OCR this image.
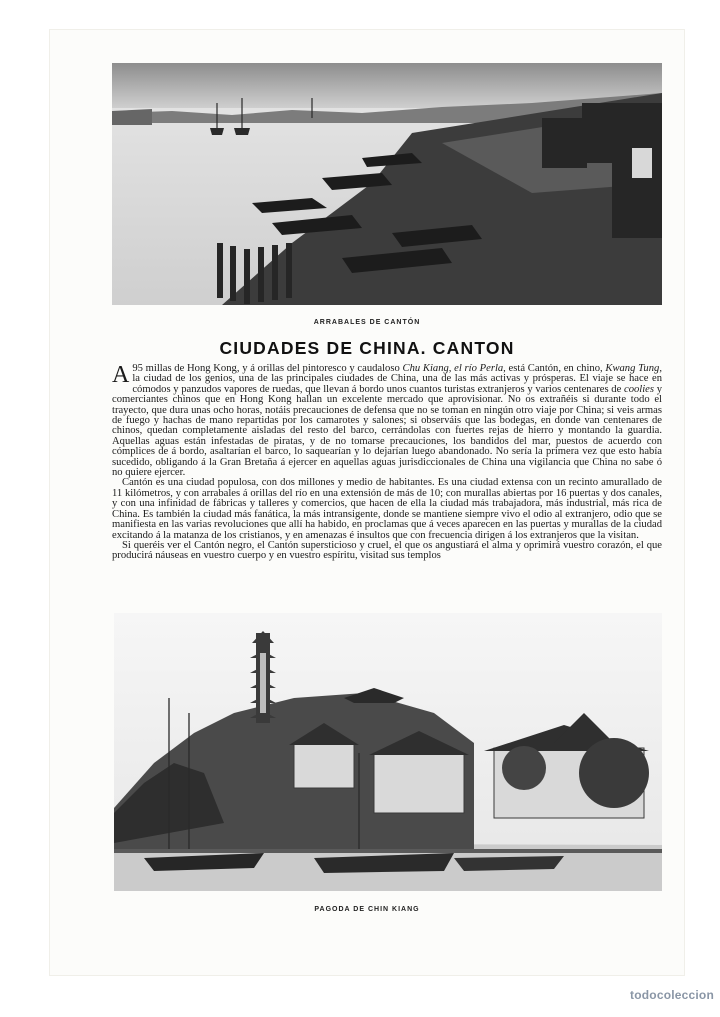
ARRABALES DE CANTÓN
CIUDADES DE CHINA. CANTON

A 95 millas de Hong Kong, y á orillas del pintoresco y caudaloso Chu Kiang, el río Perla, está Cantón, en chino, Kwang Tung, la ciudad de los genios, una de las principales ciudades de China, una de las más activas y prósperas. El viaje se hace en cómodos y panzudos vapores de ruedas, que llevan á bordo unos cuantos turistas extranjeros y varios centenares de coolies y comerciantes chinos que en Hong Kong hallan un excelente mercado que aprovisionar. No os extrañéis si durante todo el trayecto, que dura unas ocho horas, notáis precauciones de defensa que no se toman en ningún otro viaje por China; si veis armas de fuego y hachas de mano repartidas por los camarotes y salones; si observáis que las bodegas, en donde van centenares de chinos, quedan completamente aisladas del resto del barco, cerrándolas con fuertes rejas de hierro y montando la guardia. Aquellas aguas están infestadas de piratas, y de no tomarse precauciones, los bandidos del mar, puestos de acuerdo con cómplices de á bordo, asaltarían el barco, lo saquearían y lo dejarían luego abandonado. No sería la primera vez que esto había sucedido, obligando á la Gran Bretaña á ejercer en aquellas aguas jurisdiccionales de China una vigilancia que China no sabe ó no quiere ejercer.

Cantón es una ciudad populosa, con dos millones y medio de habitantes. Es una ciudad extensa con un recinto amurallado de 11 kilómetros, y con arrabales á orillas del río en una extensión de más de 10; con murallas abiertas por 16 puertas y dos canales, y con una infinidad de fábricas y talleres y comercios, que hacen de ella la ciudad más trabajadora, más industrial, más rica de China. Es también la ciudad más fanática, la más intransigente, donde se mantiene siempre vivo el odio al extranjero, odio que se manifiesta en las varias revoluciones que allí ha habido, en proclamas que á veces aparecen en las puertas y murallas de la ciudad excitando á la matanza de los cristianos, y en amenazas é insultos que con frecuencia dirigen á los extranjeros que la visitan.

Si queréis ver el Cantón negro, el Cantón supersticioso y cruel, el que os angustiará el alma y oprimirá vuestro corazón, el que producirá náuseas en vuestro cuerpo y en vuestro espíritu, visitad sus templos

PAGODA DE CHIN KIANG
todocoleccion
